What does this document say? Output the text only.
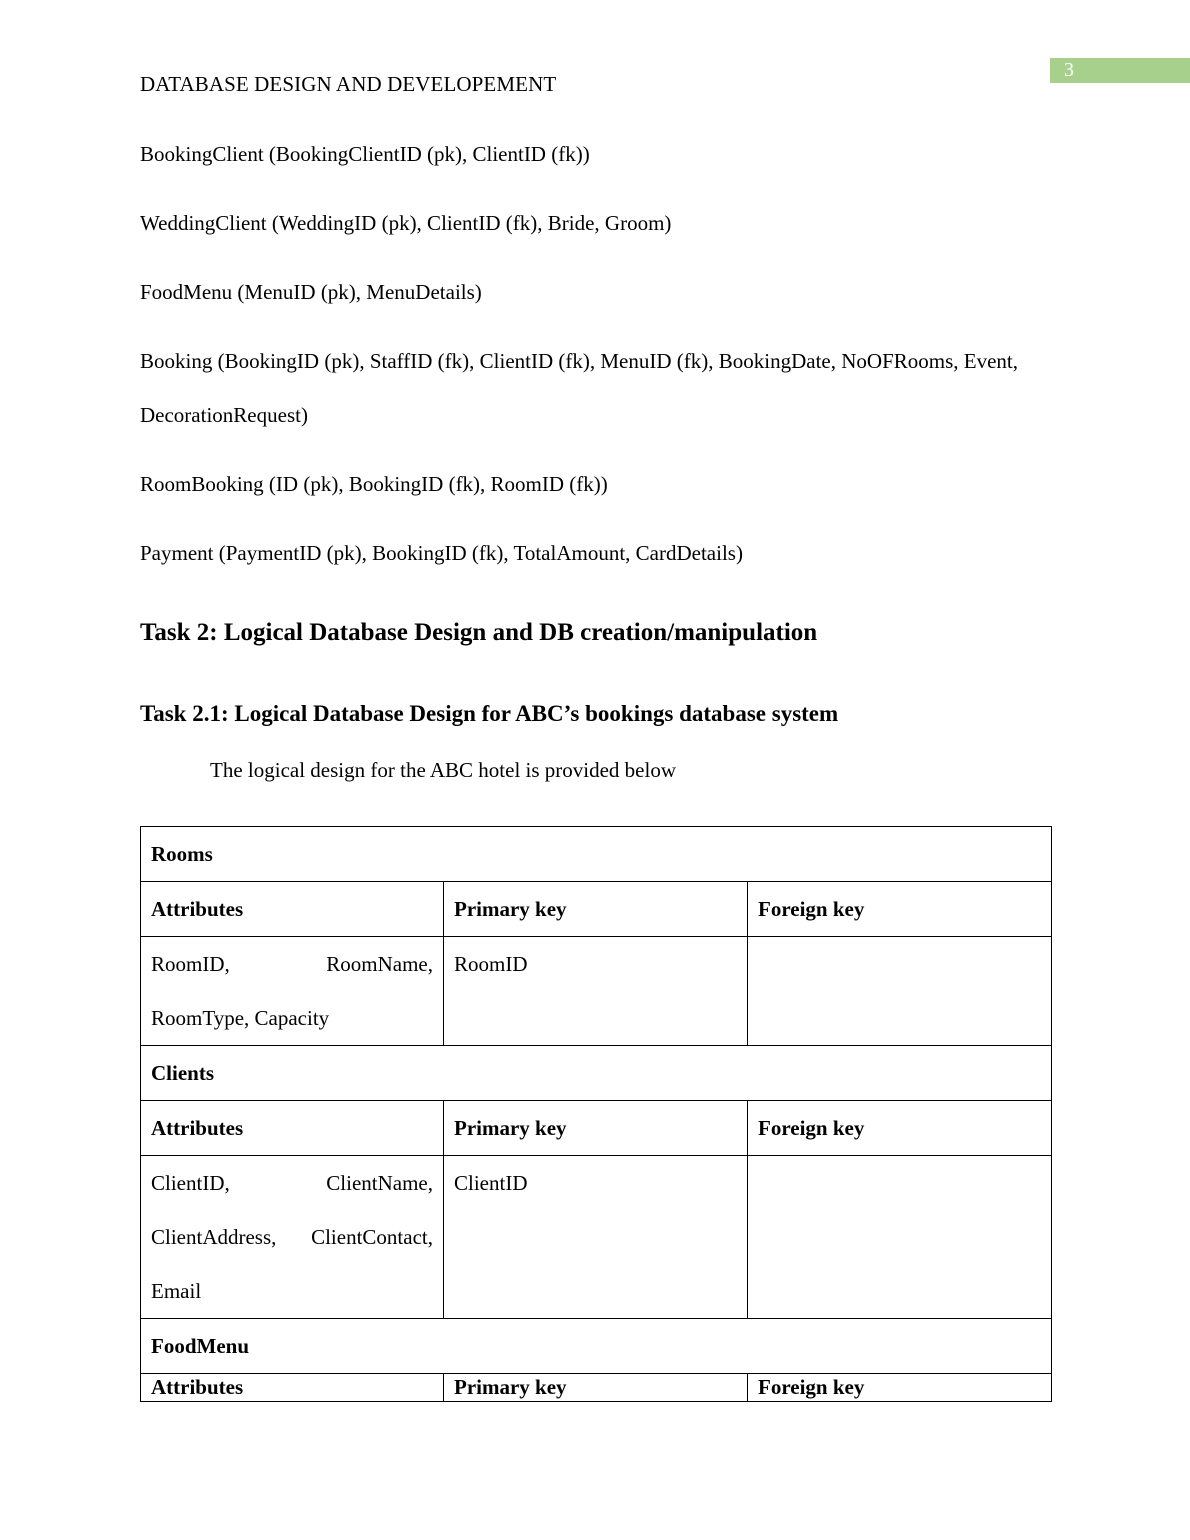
3
DATABASE DESIGN AND DEVELOPEMENT
BookingClient (BookingClientID (pk), ClientID (fk))
WeddingClient (WeddingID (pk), ClientID (fk), Bride, Groom)
FoodMenu (MenuID (pk), MenuDetails)
Booking (BookingID (pk), StaffID (fk), ClientID (fk), MenuID (fk), BookingDate, NoOFRooms, Event, DecorationRequest)
RoomBooking (ID (pk), BookingID (fk), RoomID (fk))
Payment (PaymentID (pk), BookingID (fk), TotalAmount, CardDetails)
Task 2: Logical Database Design and DB creation/manipulation
Task 2.1: Logical Database Design for ABC’s bookings database system
The logical design for the ABC hotel is provided below
Rooms		
Attributes	Primary key	Foreign key
RoomID, RoomName, RoomType, Capacity	RoomID	
Clients		
Attributes	Primary key	Foreign key
ClientID, ClientName, ClientAddress, ClientContact, Email	ClientID	
FoodMenu		
Attributes	Primary key	Foreign key
